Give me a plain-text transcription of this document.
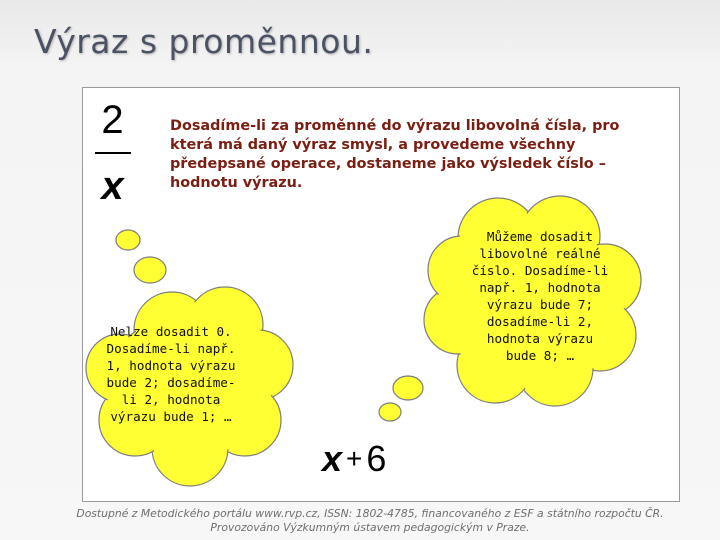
Výraz s proměnnou.
2
x
Dosadíme-li za proměnné do výrazu libovolná čísla, pro která má daný výraz smysl, a provedeme všechny předepsané operace, dostaneme jako výsledek číslo – hodnotu výrazu.
Můžeme dosadit libovolné reálné číslo. Dosadíme-li např. 1, hodnota výrazu bude 7; dosadíme-li 2, hodnota výrazu bude 8; …
Nelze dosadit 0. Dosadíme-li např. 1, hodnota výrazu bude 2; dosadíme-li 2, hodnota výrazu bude 1; …
x + 6
Dostupné z Metodického portálu www.rvp.cz, ISSN: 1802-4785, financovaného z ESF a státního rozpočtu ČR.
Provozováno Výzkumným ústavem pedagogickým v Praze.
